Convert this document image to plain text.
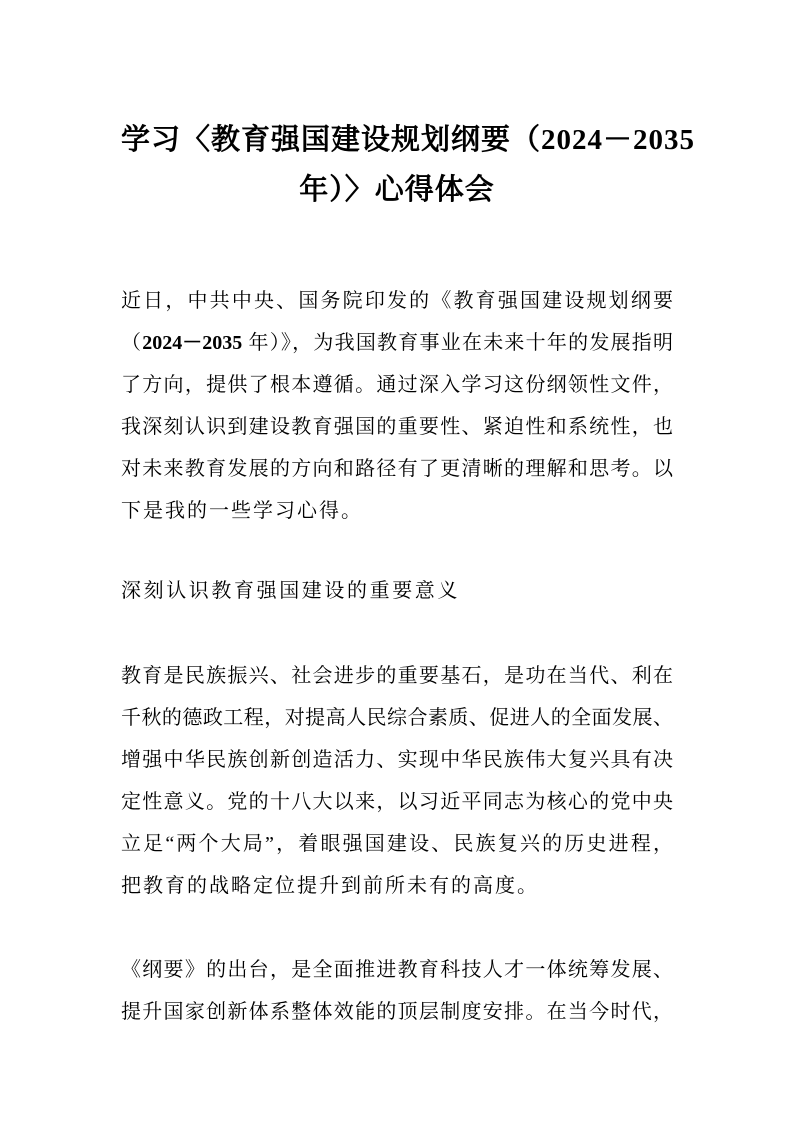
学习〈教育强国建设规划纲要（2024－2035
年）〉心得体会
近日，中共中央、国务院印发的《教育强国建设规划纲要
（2024－2035 年）》，为我国教育事业在未来十年的发展指明
了方向，提供了根本遵循。通过深入学习这份纲领性文件，
我深刻认识到建设教育强国的重要性、紧迫性和系统性，也
对未来教育发展的方向和路径有了更清晰的理解和思考。以
下是我的一些学习心得。
深刻认识教育强国建设的重要意义
教育是民族振兴、社会进步的重要基石，是功在当代、利在
千秋的德政工程，对提高人民综合素质、促进人的全面发展、
增强中华民族创新创造活力、实现中华民族伟大复兴具有决
定性意义。党的十八大以来，以习近平同志为核心的党中央
立足“两个大局”，着眼强国建设、民族复兴的历史进程，
把教育的战略定位提升到前所未有的高度。
《纲要》的出台，是全面推进教育科技人才一体统筹发展、
提升国家创新体系整体效能的顶层制度安排。在当今时代，
